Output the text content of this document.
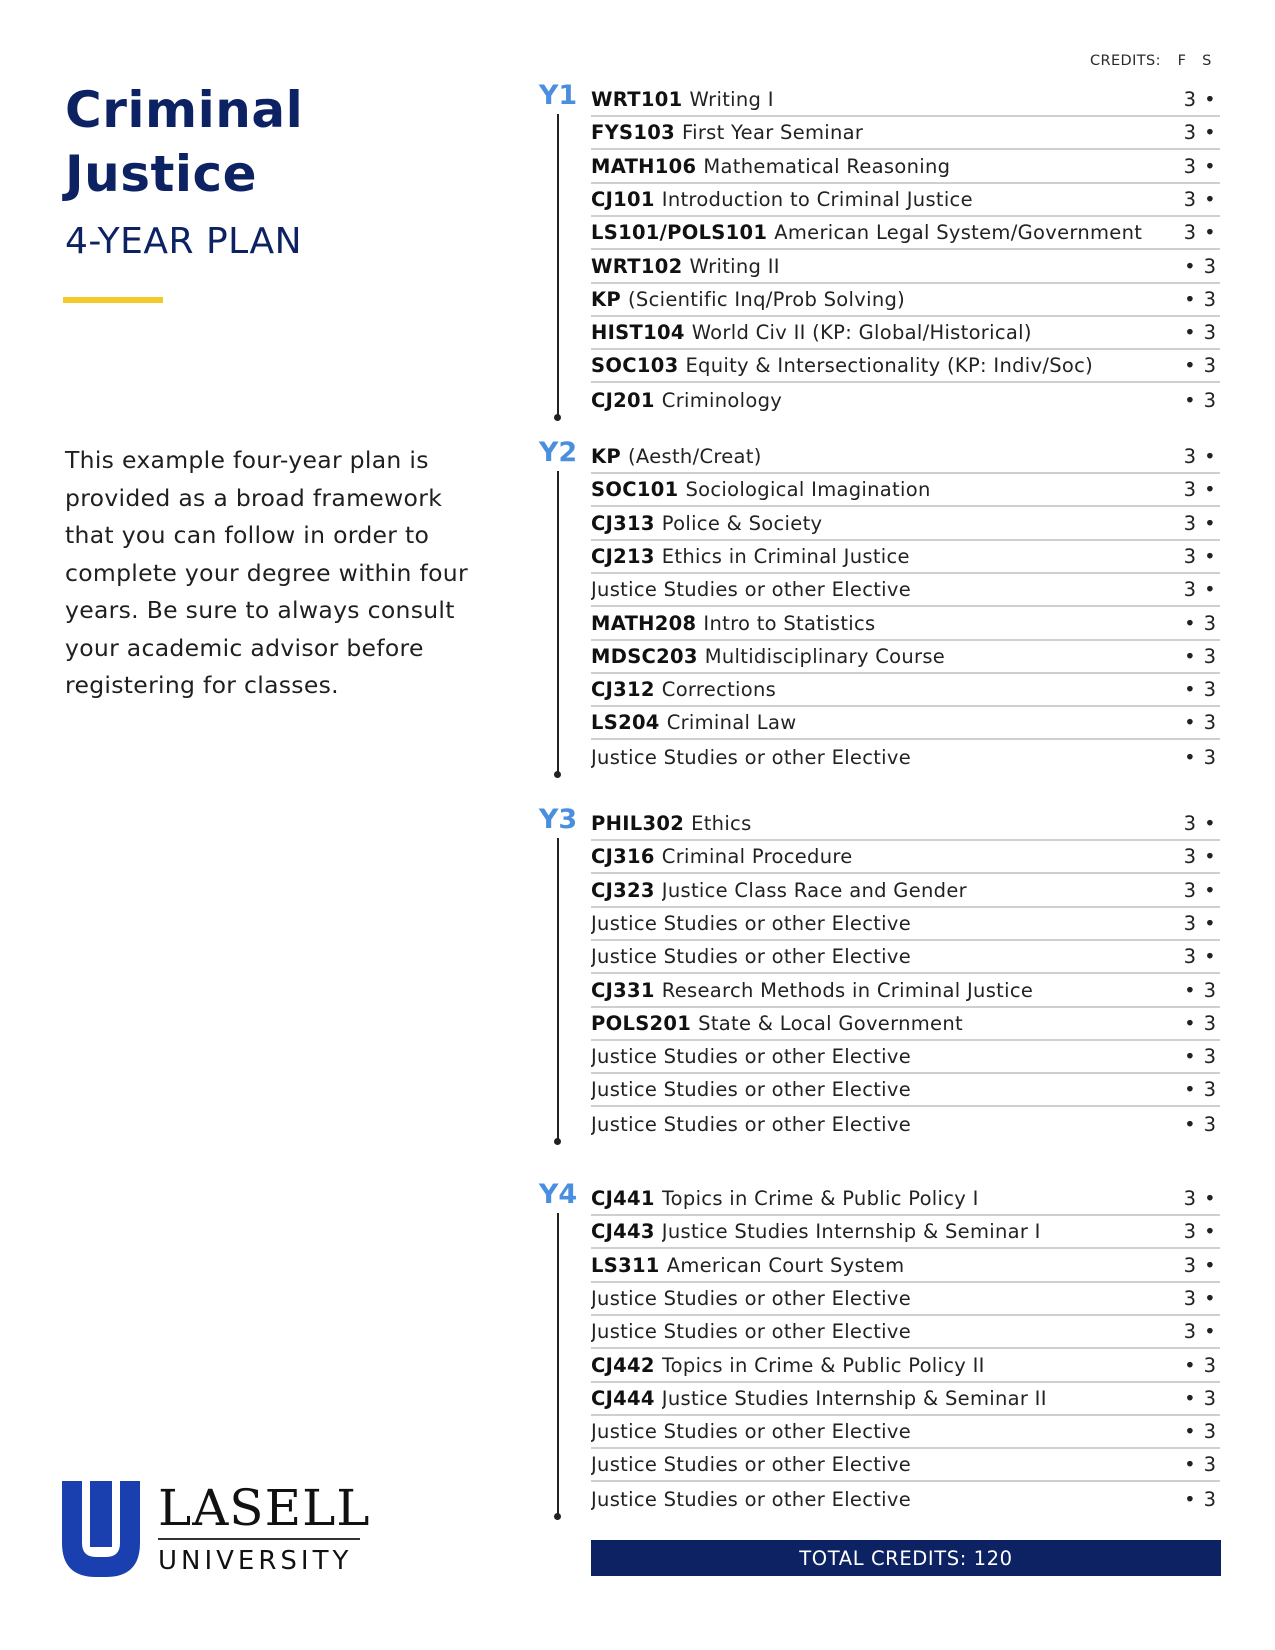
Criminal Justice
4-YEAR PLAN

This example four-year plan is provided as a broad framework that you can follow in order to complete your degree within four years. Be sure to always consult your academic advisor before registering for classes.

CREDITS: F S
Y1 WRT101 Writing I	3 •
FYS103 First Year Seminar	3 •
MATH106 Mathematical Reasoning	3 •
CJ101 Introduction to Criminal Justice	3 •
LS101/POLS101 American Legal System/Government	3 •
WRT102 Writing II	• 3
KP (Scientific Inq/Prob Solving)	• 3
HIST104 World Civ II (KP: Global/Historical)	• 3
SOC103 Equity & Intersectionality (KP: Indiv/Soc)	• 3
CJ201 Criminology	• 3
Y2 KP (Aesth/Creat)	3 •
SOC101 Sociological Imagination	3 •
CJ313 Police & Society	3 •
CJ213 Ethics in Criminal Justice	3 •
Justice Studies or other Elective	3 •
MATH208 Intro to Statistics	• 3
MDSC203 Multidisciplinary Course	• 3
CJ312 Corrections	• 3
LS204 Criminal Law	• 3
Justice Studies or other Elective	• 3
Y3 PHIL302 Ethics	3 •
CJ316 Criminal Procedure	3 •
CJ323 Justice Class Race and Gender	3 •
Justice Studies or other Elective	3 •
Justice Studies or other Elective	3 •
CJ331 Research Methods in Criminal Justice	• 3
POLS201 State & Local Government	• 3
Justice Studies or other Elective	• 3
Justice Studies or other Elective	• 3
Justice Studies or other Elective	• 3
Y4 CJ441 Topics in Crime & Public Policy I	3 •
CJ443 Justice Studies Internship & Seminar I	3 •
LS311 American Court System	3 •
Justice Studies or other Elective	3 •
Justice Studies or other Elective	3 •
CJ442 Topics in Crime & Public Policy II	• 3
CJ444 Justice Studies Internship & Seminar II	• 3
Justice Studies or other Elective	• 3
Justice Studies or other Elective	• 3
Justice Studies or other Elective	• 3
TOTAL CREDITS: 120
LASELL
UNIVERSITY
